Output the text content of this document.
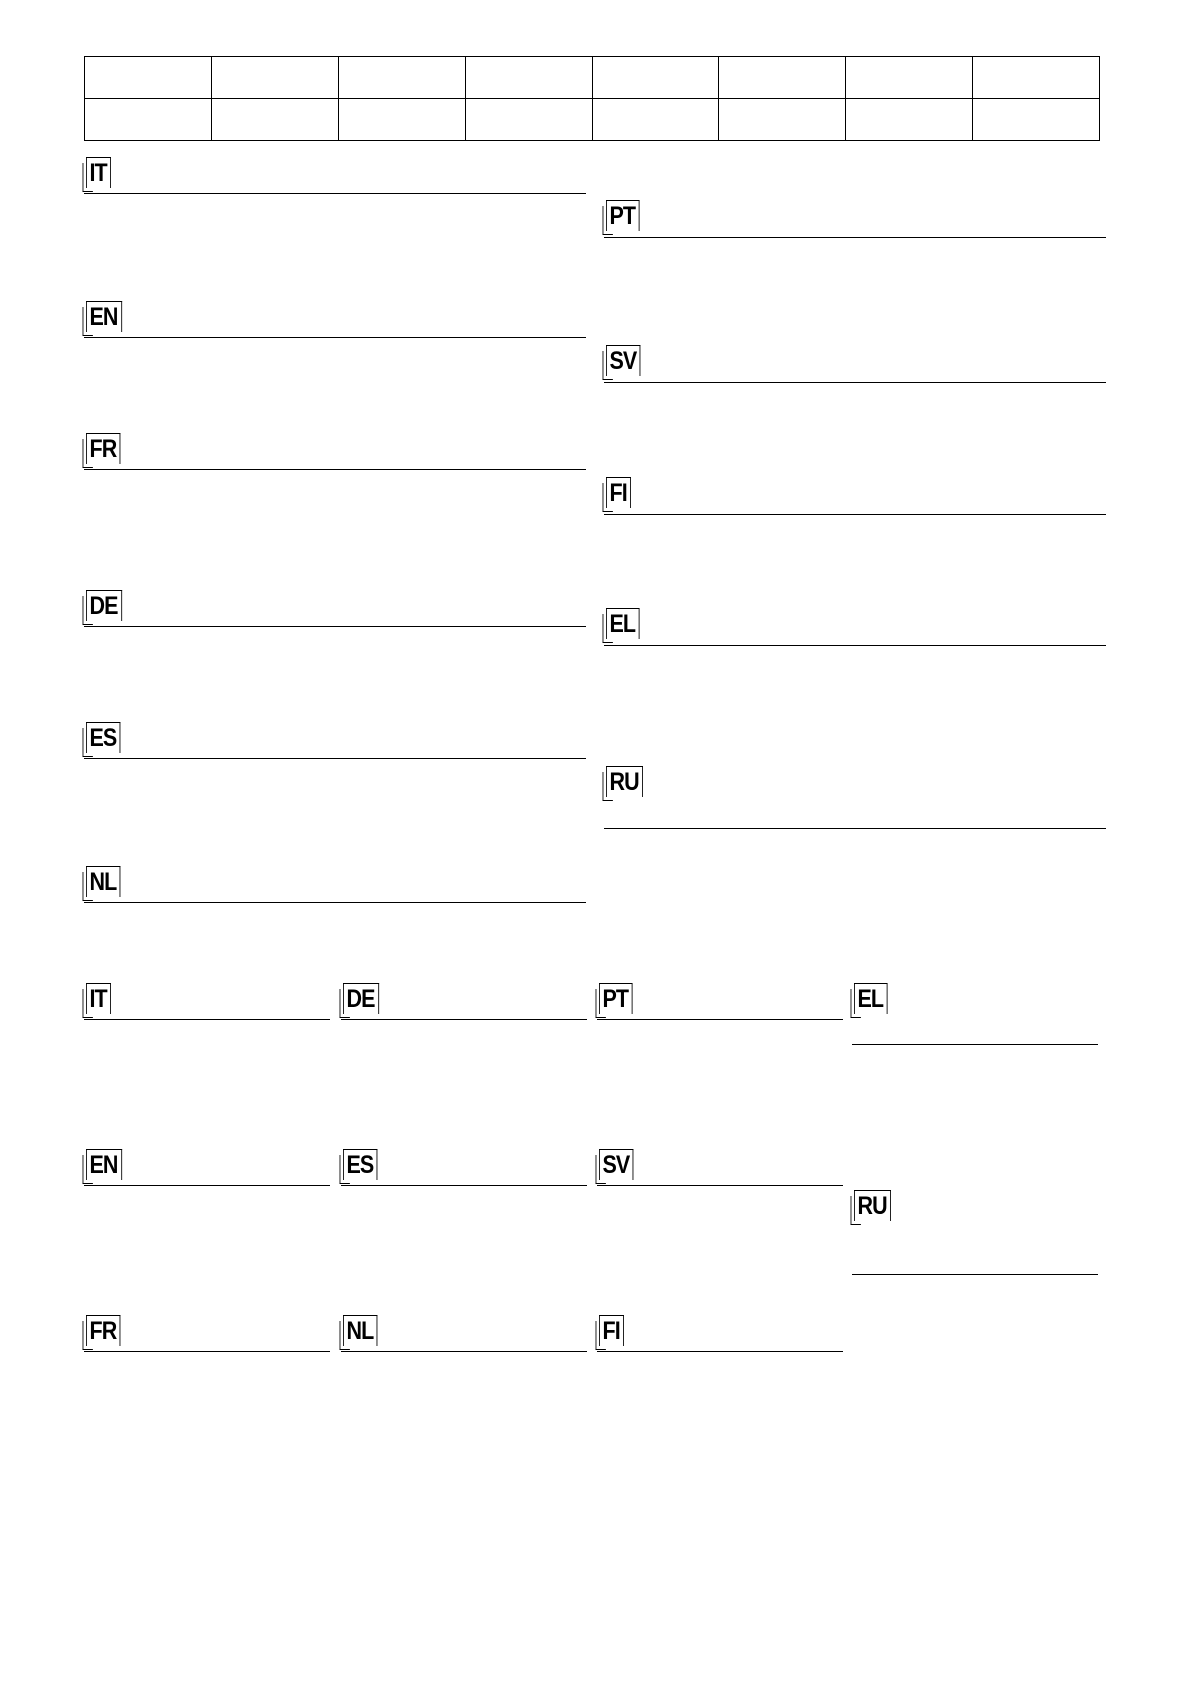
IT
EN
FR
DE
ES
NL
PT
SV
FI
EL
RU
IT
EN
FR
DE
ES
NL
PT
SV
FI
EL
RU
